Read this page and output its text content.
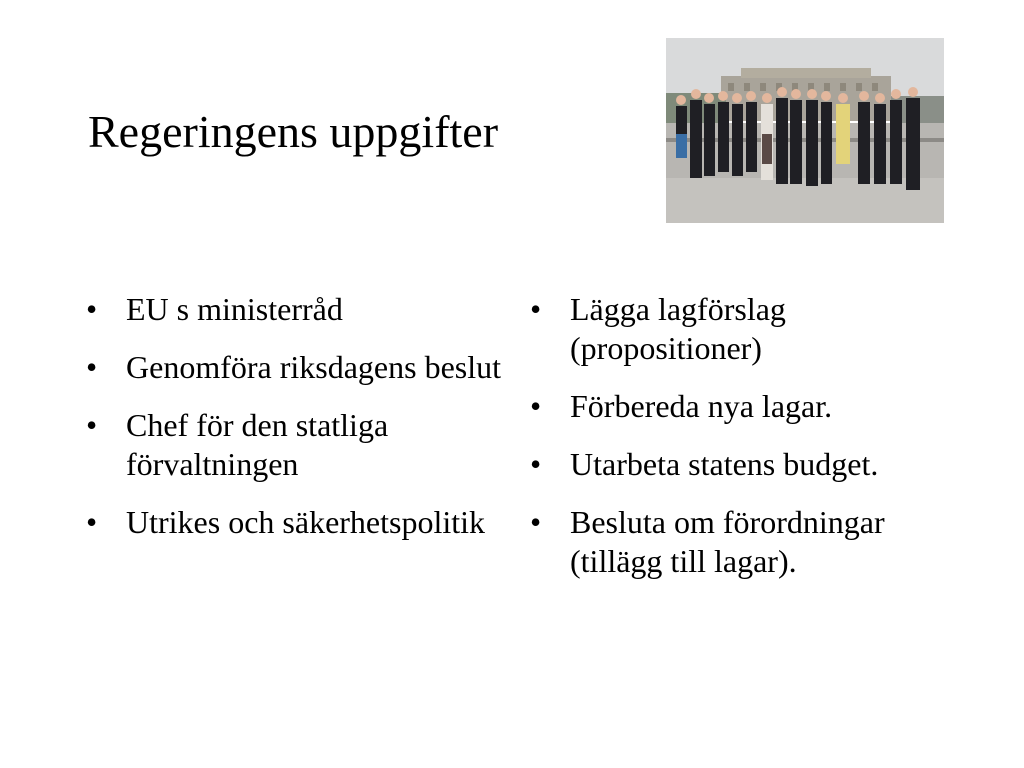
Regeringens uppgifter
• EU s ministerråd
• Genomföra riksdagens beslut
• Chef för den statliga förvaltningen
• Utrikes och säkerhetspolitik
• Lägga lagförslag (propositioner)
• Förbereda nya lagar.
• Utarbeta statens budget.
• Besluta om förordningar (tillägg till lagar).
